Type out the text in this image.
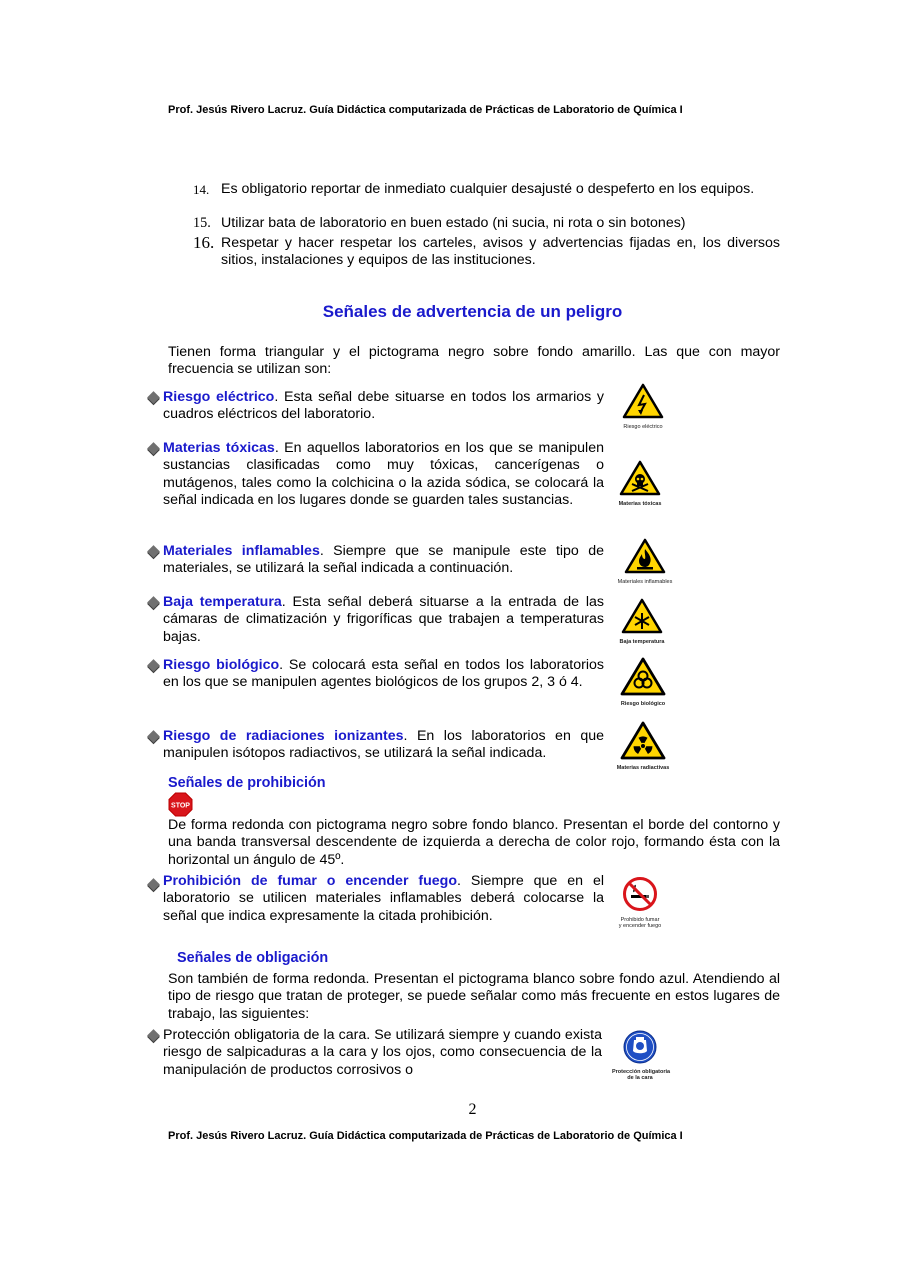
Prof. Jesús Rivero Lacruz. Guía Didáctica computarizada de Prácticas de Laboratorio de Química I
14. Es obligatorio reportar de inmediato cualquier desajusté o despeferto en los equipos.
15. Utilizar bata de laboratorio en buen estado (ni sucia, ni rota o sin botones)
16. Respetar y hacer respetar los carteles, avisos y advertencias fijadas en, los diversos sitios, instalaciones y equipos de las instituciones.
Señales de advertencia de un peligro
Tienen forma triangular y el pictograma negro sobre fondo amarillo. Las que con mayor frecuencia se utilizan son:
Riesgo eléctrico. Esta señal debe situarse en todos los armarios y cuadros eléctricos del laboratorio.
Riesgo eléctrico
Materias tóxicas. En aquellos laboratorios en los que se manipulen sustancias clasificadas como muy tóxicas, cancerígenas o mutágenos, tales como la colchicina o la azida sódica, se colocará la señal indicada en los lugares donde se guarden tales sustancias.	Materias tóxicas
Materiales inflamables. Siempre que se manipule este tipo de materiales, se utilizará la señal indicada a continuación.
Materiales inflamables
Baja temperatura. Esta señal deberá situarse a la entrada de las cámaras de climatización y frigoríficas que trabajen a temperaturas bajas.	Baja temperatura
Riesgo biológico. Se colocará esta señal en todos los laboratorios en los que se manipulen agentes biológicos de los grupos 2, 3 ó 4.
Riesgo biológico
Riesgo de radiaciones ionizantes. En los laboratorios en que manipulen isótopos radiactivos, se utilizará la señal indicada.
Materias radiactivas
Señales de prohibición
STOP
De forma redonda con pictograma negro sobre fondo blanco. Presentan el borde del contorno y una banda transversal descendente de izquierda a derecha de color rojo, formando ésta con la horizontal un ángulo de 45º.
Prohibición de fumar o encender fuego. Siempre que en el laboratorio se utilicen materiales inflamables deberá colocarse la señal que indica expresamente la citada prohibición.	Prohibido fumar
y encender fuego
Señales de obligación
Son también de forma redonda. Presentan el pictograma blanco sobre fondo azul. Atendiendo al tipo de riesgo que tratan de proteger, se puede señalar como más frecuente en estos lugares de trabajo, las siguientes:
Protección obligatoria de la cara. Se utilizará siempre y cuando exista riesgo de salpicaduras a la cara y los ojos, como consecuencia de la manipulación de productos corrosivos o	Protección obligatoria
de la cara
2
Prof. Jesús Rivero Lacruz. Guía Didáctica computarizada de Prácticas de Laboratorio de Química I
